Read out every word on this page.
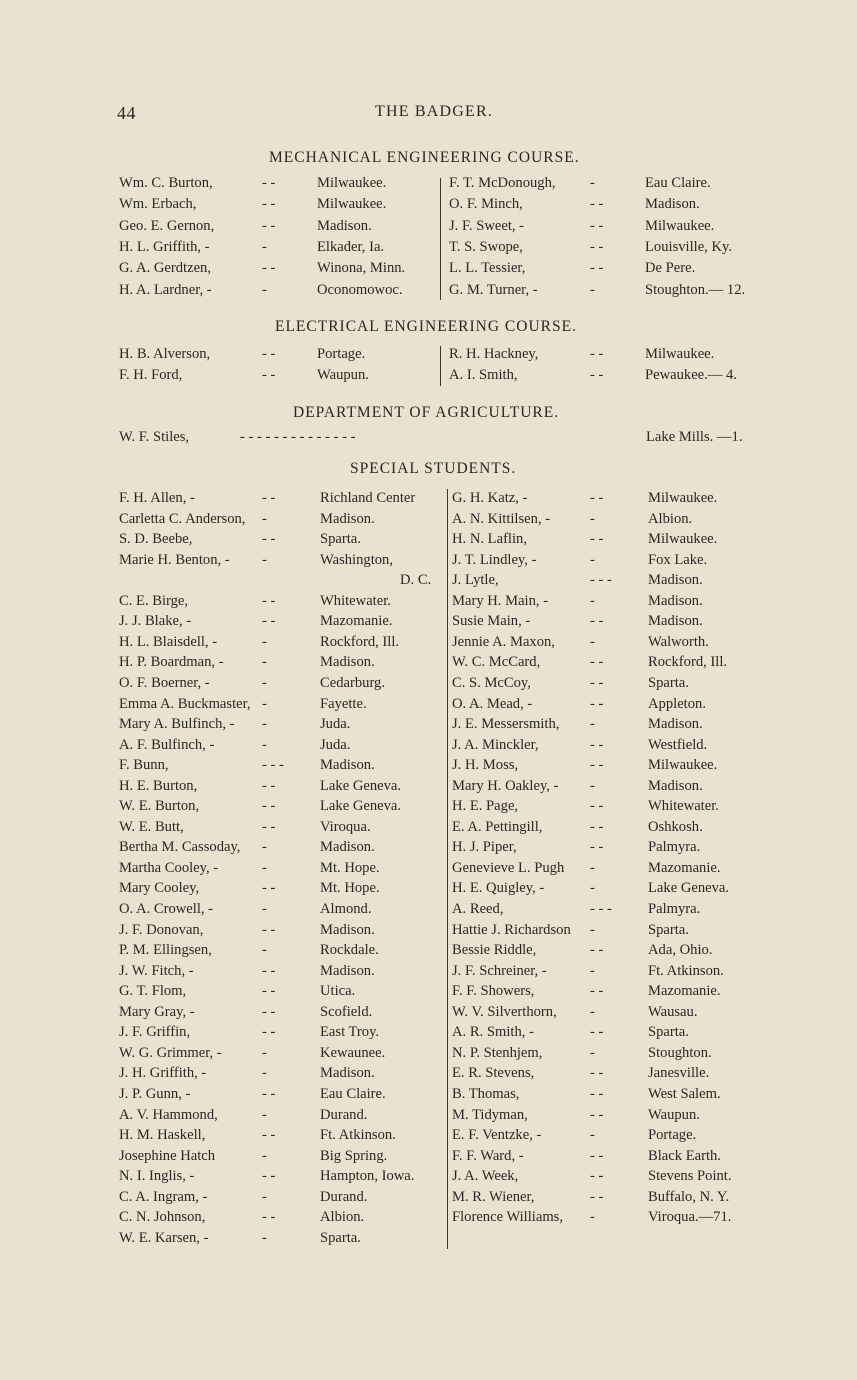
44	THE BADGER.
MECHANICAL ENGINEERING COURSE.
Wm. C. Burton,	- -	Milwaukee.
Wm. Erbach,	- -	Milwaukee.
Geo. E. Gernon,	- -	Madison.
H. L. Griffith, -	-	Elkader, Ia.
G. A. Gerdtzen,	- -	Winona, Minn.
H. A. Lardner, -	-	Oconomowoc.
F. T. McDonough, -	Eau Claire.
O. F. Minch,	- -	Madison.
J. F. Sweet, -	- -	Milwaukee.
T. S. Swope,	- -	Louisville, Ky.
L. L. Tessier,	- -	De Pere.
G. M. Turner, -	-	Stoughton.— 12.
ELECTRICAL ENGINEERING COURSE.
H. B. Alverson,	- -	Portage.
F. H. Ford,	- -	Waupun.
R. H. Hackney,	- -	Milwaukee.
A. I. Smith,	- -	Pewaukee.— 4.
DEPARTMENT OF AGRICULTURE.
W. F. Stiles,	- - - - - - - - - - - - - -	Lake Mills. —1.
SPECIAL STUDENTS.
F. H. Allen, -	- -	Richland Center
Carletta C. Anderson, -	Madison.
S. D. Beebe,	- -	Sparta.
Marie H. Benton, - -	Washington,
D. C.
C. E. Birge,	- -	Whitewater.
J. J. Blake, -	- -	Mazomanie.
H. L. Blaisdell, -	-	Rockford, Ill.
H. P. Boardman, -	-	Madison.
O. F. Boerner, -	-	Cedarburg.
Emma A. Buckmaster, -	Fayette.
Mary A. Bulfinch, - -	Juda.
A. F. Bulfinch, -	-	Juda.
F. Bunn,	- - - Madison.
H. E. Burton,	- -	Lake Geneva.
W. E. Burton,	- -	Lake Geneva.
W. E. Butt,	- -	Viroqua.
Bertha M. Cassoday, -	Madison.
Martha Cooley, -	-	Mt. Hope.
Mary Cooley,	- -	Mt. Hope.
O. A. Crowell, -	-	Almond.
J. F. Donovan,	- -	Madison.
P. M. Ellingsen,	-	Rockdale.
J. W. Fitch, -	- -	Madison.
G. T. Flom,	- -	Utica.
Mary Gray, -	- -	Scofield.
J. F. Griffin,	- -	East Troy.
W. G. Grimmer, -	-	Kewaunee.
J. H. Griffith, -	-	Madison.
J. P. Gunn, -	- -	Eau Claire.
A. V. Hammond,	-	Durand.
H. M. Haskell,	- -	Ft. Atkinson.
Josephine Hatch	-	Big Spring.
N. I. Inglis, -	- -	Hampton, Iowa.
C. A. Ingram, -	-	Durand.
C. N. Johnson,	- -	Albion.
W. E. Karsen, -	-	Sparta.
G. H. Katz, -	- -	Milwaukee.
A. N. Kittilsen, -	-	Albion.
H. N. Laflin,	- -	Milwaukee.
J. T. Lindley, -	-	Fox Lake.
J. Lytle,	- - - Madison.
Mary H. Main, -	-	Madison.
Susie Main, -	- -	Madison.
Jennie A. Maxon, -	Walworth.
W. C. McCard,	- -	Rockford, Ill.
C. S. McCoy,	- -	Sparta.
O. A. Mead, -	- -	Appleton.
J. E. Messersmith, -	Madison.
J. A. Minckler,	- -	Westfield.
J. H. Moss,	- -	Milwaukee.
Mary H. Oakley, - -	Madison.
H. E. Page,	- -	Whitewater.
E. A. Pettingill,	- -	Oshkosh.
H. J. Piper,	- -	Palmyra.
Genevieve L. Pugh -	Mazomanie.
H. E. Quigley, -	-	Lake Geneva.
A. Reed,	- - - Palmyra.
Hattie J. Richardson -	Sparta.
Bessie Riddle,	- -	Ada, Ohio.
J. F. Schreiner, -	-	Ft. Atkinson.
F. F. Showers,	- -	Mazomanie.
W. V. Silverthorn, -	Wausau.
A. R. Smith, -	- -	Sparta.
N. P. Stenhjem,	-	Stoughton.
E. R. Stevens,	- -	Janesville.
B. Thomas,	- -	West Salem.
M. Tidyman,	- -	Waupun.
E. F. Ventzke, -	-	Portage.
F. F. Ward, -	- -	Black Earth.
J. A. Week,	- -	Stevens Point.
M. R. Wiener,	- -	Buffalo, N. Y.
Florence Williams, -	Viroqua.—71.
